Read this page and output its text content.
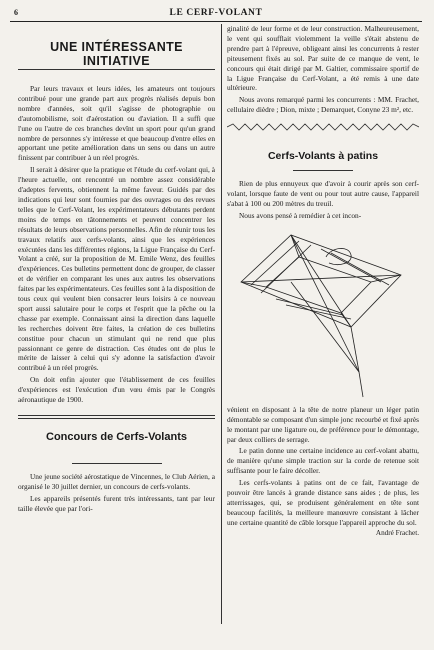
6	LE CERF-VOLANT
UNE INTÉRESSANTE INITIATIVE

Par leurs travaux et leurs idées, les amateurs ont toujours contribué pour une grande part aux progrès réalisés depuis bon nombre d'années, soit qu'il s'agisse de photographie ou d'automobilisme, soit d'aérostation ou d'aviation. Il a suffi que l'une ou l'autre de ces branches devînt un sport pour qu'un grand nombre de personnes s'y intéresse et que beaucoup d'entre elles en apportant une petite amélioration dans un sens ou dans un autre finissent par contribuer à un réel progrès.

Il serait à désirer que la pratique et l'étude du cerf-volant qui, à l'heure actuelle, ont rencontré un nombre assez considérable d'adeptes fervents, obtiennent la même faveur. Guidés par des indications qui leur sont fournies par des ouvrages ou des revues telles que le Cerf-Volant, les expérimentateurs débutants perdent moins de temps en tâtonnements et peuvent concentrer les résultats de leurs observations personnelles. Afin de réunir tous les travaux relatifs aux cerfs-volants, ainsi que les expériences exécutées dans les différentes régions, la Ligue Française du Cerf-Volant a créé, sur la proposition de M. Emile Wenz, des feuilles d'expériences. Ces bulletins permettent donc de grouper, de classer et de vérifier en comparant les unes aux autres les observations faites par les expérimentateurs. Ces feuilles sont à la disposition de tous ceux qui veulent bien consacrer leurs loisirs à ce nouveau sport aussi salutaire pour le corps et l'esprit que la pêche ou la chasse par exemple. Connaissant ainsi la direction dans laquelle les recherches doivent être faites, la création de ces bulletins constitue pour chacun un stimulant qui ne rend que plus passionnant ce genre de distraction. Ces études ont de plus le mérite de laisser à celui qui s'y adonne la satisfaction d'avoir contribué à un réel progrès.

On doit enfin ajouter que l'établissement de ces feuilles d'expériences est l'exécution d'un vœu émis par le Congrès aéronautique de 1900.

Concours de Cerfs-Volants

Une jeune société aérostatique de Vincennes, le Club Aérien, a organisé le 30 juillet dernier, un concours de cerfs-volants.

Les appareils présentés furent très intéressants, tant par leur taille élevée que par l'ori-

ginalité de leur forme et de leur construction. Malheureusement, le vent qui soufflait violemment la veille s'était abstenu de prendre part à l'épreuve, obligeant ainsi les concurrents à rester piteusement fixés au sol. Par suite de ce manque de vent, le concours qui était dirigé par M. Galtier, commissaire sportif de la Ligue Française du Cerf-Volant, a été remis à une date ultérieure.

Nous avons remarqué parmi les concurrents : MM. Frachet, cellulaire dièdre ; Dion, mixte ; Demarquet, Conyne 23 m², etc.

Cerfs-Volants à patins

Rien de plus ennuyeux que d'avoir à courir après son cerf-volant, lorsque faute de vent ou pour tout autre cause, l'appareil s'abat à 100 ou 200 mètres du treuil.

Nous avons pensé à remédier à cet incon-

vénient en disposant à la tête de notre planeur un léger patin démontable se composant d'un simple jonc recourbé et fixé après le montant par une ligature ou, de préférence pour le démontage, par deux colliers de serrage.

Le patin donne une certaine incidence au cerf-volant abattu, de manière qu'une simple traction sur la corde de retenue soit suffisante pour le faire décoller.

Les cerfs-volants à patins ont de ce fait, l'avantage de pouvoir être lancés à grande distance sans aides ; de plus, les atterrissages, qui, se produisent généralement en tête sont beaucoup facilités, la meilleure manœuvre consistant à lâcher une certaine quantité de câble lorsque l'appareil approche du sol.

André Frachet.
